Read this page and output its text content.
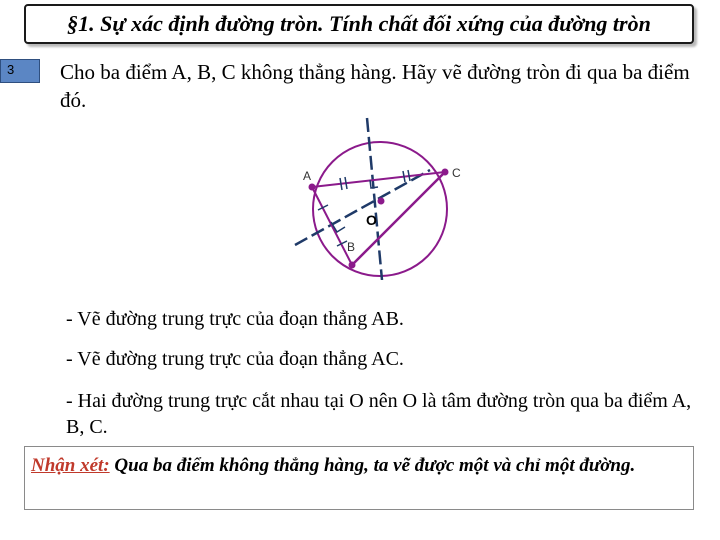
§1. Sự xác định đường tròn. Tính chất đối xứng của đường tròn
3	Cho ba điểm A, B, C không thẳng hàng. Hãy vẽ đường tròn đi qua ba điểm đó.
A
B
C
O
- Vẽ đường trung trực của đoạn thẳng AB.
- Vẽ đường trung trực của đoạn thẳng AC.
- Hai đường trung trực cắt nhau tại O nên O là tâm đường tròn qua ba điểm A, B, C.
Nhận xét: Qua ba điểm không thẳng hàng, ta vẽ được một và chỉ một đường.
